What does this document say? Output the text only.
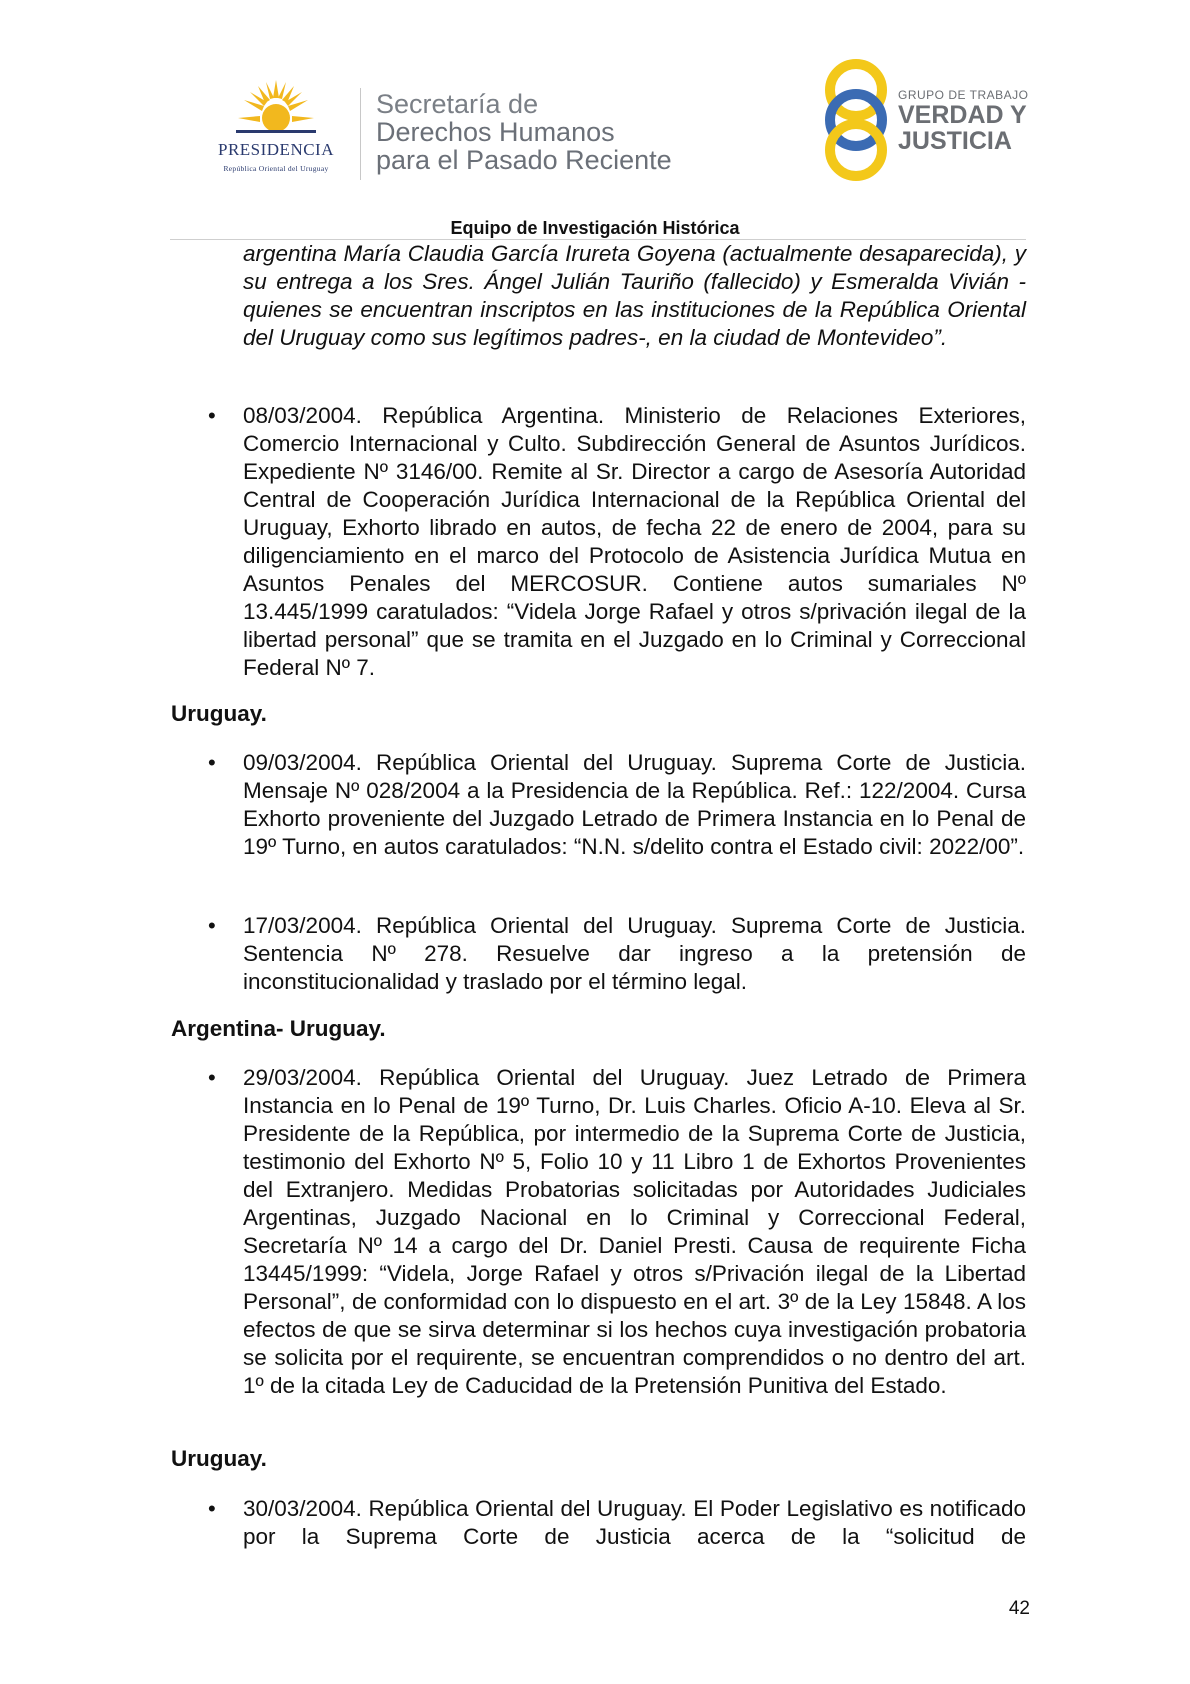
PRESIDENCIA
República Oriental del Uruguay
Secretaría de
Derechos Humanos
para el Pasado Reciente
GRUPO DE TRABAJO
VERDAD Y
JUSTICIA
Equipo de Investigación Histórica
argentina María Claudia García Irureta Goyena (actualmente desaparecida), y su entrega a los Sres. Ángel Julián Tauriño (fallecido) y Esmeralda Vivián -quienes se encuentran inscriptos en las instituciones de la República Oriental del Uruguay como sus legítimos padres-, en la ciudad de Montevideo”.
• 08/03/2004. República Argentina. Ministerio de Relaciones Exteriores, Comercio Internacional y Culto. Subdirección General de Asuntos Jurídicos. Expediente Nº 3146/00. Remite al Sr. Director a cargo de Asesoría Autoridad Central de Cooperación Jurídica Internacional de la República Oriental del Uruguay, Exhorto librado en autos, de fecha 22 de enero de 2004, para su diligenciamiento en el marco del Protocolo de Asistencia Jurídica Mutua en Asuntos Penales del MERCOSUR. Contiene autos sumariales Nº 13.445/1999 caratulados: “Videla Jorge Rafael y otros s/privación ilegal de la libertad personal” que se tramita en el Juzgado en lo Criminal y Correccional Federal Nº 7.
Uruguay.
• 09/03/2004. República Oriental del Uruguay. Suprema Corte de Justicia. Mensaje Nº 028/2004 a la Presidencia de la República. Ref.: 122/2004. Cursa Exhorto proveniente del Juzgado Letrado de Primera Instancia en lo Penal de 19º Turno, en autos caratulados: “N.N. s/delito contra el Estado civil: 2022/00”.
• 17/03/2004. República Oriental del Uruguay. Suprema Corte de Justicia. Sentencia Nº 278. Resuelve dar ingreso a la pretensión de inconstitucionalidad y traslado por el término legal.
Argentina- Uruguay.
• 29/03/2004. República Oriental del Uruguay. Juez Letrado de Primera Instancia en lo Penal de 19º Turno, Dr. Luis Charles. Oficio A-10. Eleva al Sr. Presidente de la República, por intermedio de la Suprema Corte de Justicia, testimonio del Exhorto Nº 5, Folio 10 y 11 Libro 1 de Exhortos Provenientes del Extranjero. Medidas Probatorias solicitadas por Autoridades Judiciales Argentinas, Juzgado Nacional en lo Criminal y Correccional Federal, Secretaría Nº 14 a cargo del Dr. Daniel Presti. Causa de requirente Ficha 13445/1999: “Videla, Jorge Rafael y otros s/Privación ilegal de la Libertad Personal”, de conformidad con lo dispuesto en el art. 3º de la Ley 15848. A los efectos de que se sirva determinar si los hechos cuya investigación probatoria se solicita por el requirente, se encuentran comprendidos o no dentro del art. 1º de la citada Ley de Caducidad de la Pretensión Punitiva del Estado.
Uruguay.
• 30/03/2004. República Oriental del Uruguay. El Poder Legislativo es notificado por la Suprema Corte de Justicia acerca de la “solicitud de
42
